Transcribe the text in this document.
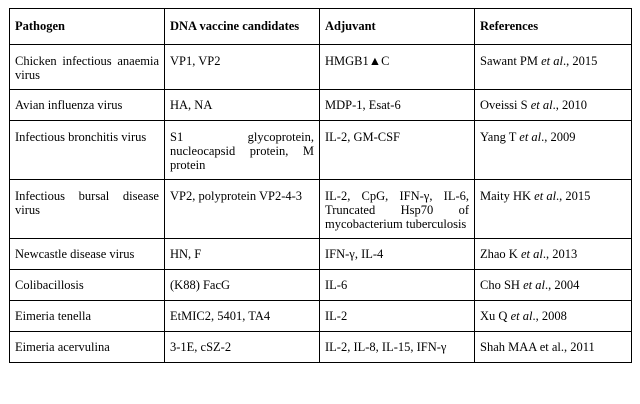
Pathogen	DNA vaccine candidates	Adjuvant	References
Chicken infectious anaemia virus	VP1, VP2	HMGB1▲C	Sawant PM et al., 2015
Avian influenza virus	HA, NA	MDP-1, Esat-6	Oveissi S et al., 2010
Infectious bronchitis virus	S1 glycoprotein, nucleocapsid protein, M protein	IL-2, GM-CSF	Yang T et al., 2009
Infectious bursal disease virus	VP2, polyprotein VP2-4-3	IL-2, CpG, IFN-γ, IL-6, Truncated Hsp70 of mycobacterium tuberculosis	Maity HK et al., 2015
Newcastle disease virus	HN, F	IFN-γ, IL-4	Zhao K et al., 2013
Colibacillosis	(K88) FacG	IL-6	Cho SH et al., 2004
Eimeria tenella	EtMIC2, 5401, TA4	IL-2	Xu Q et al., 2008
Eimeria acervulina	3-1E, cSZ-2	IL-2, IL-8, IL-15, IFN-γ	Shah MAA et al., 2011
